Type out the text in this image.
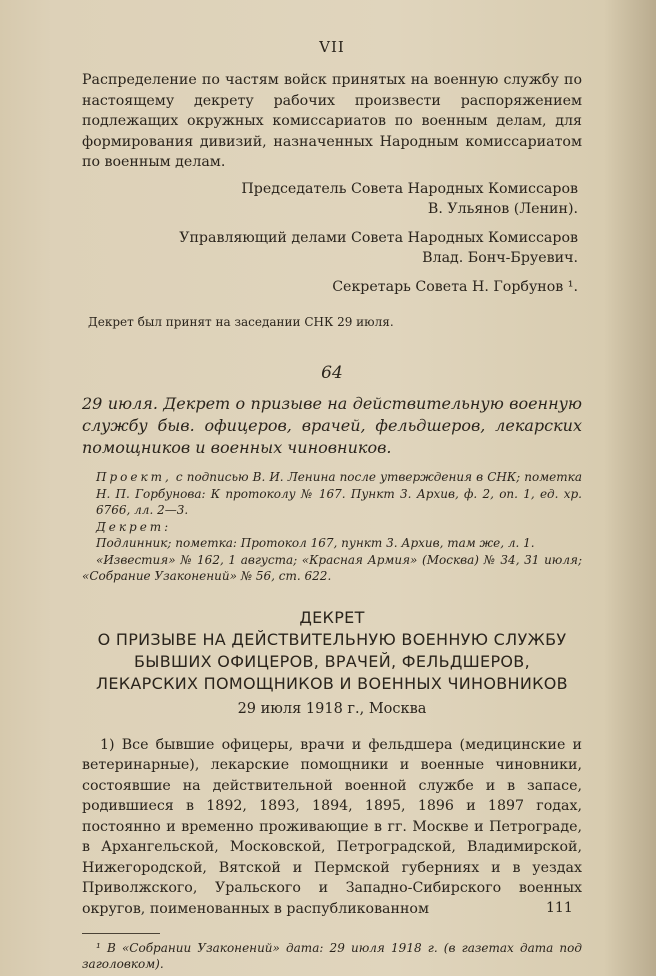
VII

Распределение по частям войск принятых на военную службу по настоящему декрету рабочих произвести распоряжением подлежащих окружных комиссариатов по военным делам, для формирования дивизий, назначенных Народным комиссариатом по военным делам.

Председатель Совета Народных Комиссаров

В. Ульянов (Ленин).

Управляющий делами Совета Народных Комиссаров

Влад. Бонч-Бруевич.

Секретарь Совета Н. Горбунов ¹.

Декрет был принят на заседании СНК 29 июля.

64

29 июля. Декрет о призыве на действительную военную службу быв. офицеров, врачей, фельдшеров, лекарских помощников и военных чиновников.

Проект, с подписью В. И. Ленина после утверждения в СНК; пометка Н. П. Горбунова: К протоколу № 167. Пункт 3. Архив, ф. 2, оп. 1, ед. хр. 6766, лл. 2—3.

Декрет:

Подлинник; пометка: Протокол 167, пункт 3. Архив, там же, л. 1.

«Известия» № 162, 1 августа; «Красная Армия» (Москва) № 34, 31 июля; «Собрание Узаконений» № 56, ст. 622.

ДЕКРЕТ
О ПРИЗЫВЕ НА ДЕЙСТВИТЕЛЬНУЮ ВОЕННУЮ СЛУЖБУ
БЫВШИХ ОФИЦЕРОВ, ВРАЧЕЙ, ФЕЛЬДШЕРОВ,
ЛЕКАРСКИХ ПОМОЩНИКОВ И ВОЕННЫХ ЧИНОВНИКОВ
29 июля 1918 г., Москва

1) Все бывшие офицеры, врачи и фельдшера (медицинские и ветеринарные), лекарские помощники и военные чиновники, состоявшие на действительной военной службе и в запасе, родившиеся в 1892, 1893, 1894, 1895, 1896 и 1897 годах, постоянно и временно проживающие в гг. Москве и Петрограде, в Архангельской, Московской, Петроградской, Владимирской, Нижегородской, Вятской и Пермской губерниях и в уездах Приволжского, Уральского и Западно-Сибирского военных округов, поименованных в распубликованном

¹ В «Собрании Узаконений» дата: 29 июля 1918 г. (в газетах дата под заголовком).

111
